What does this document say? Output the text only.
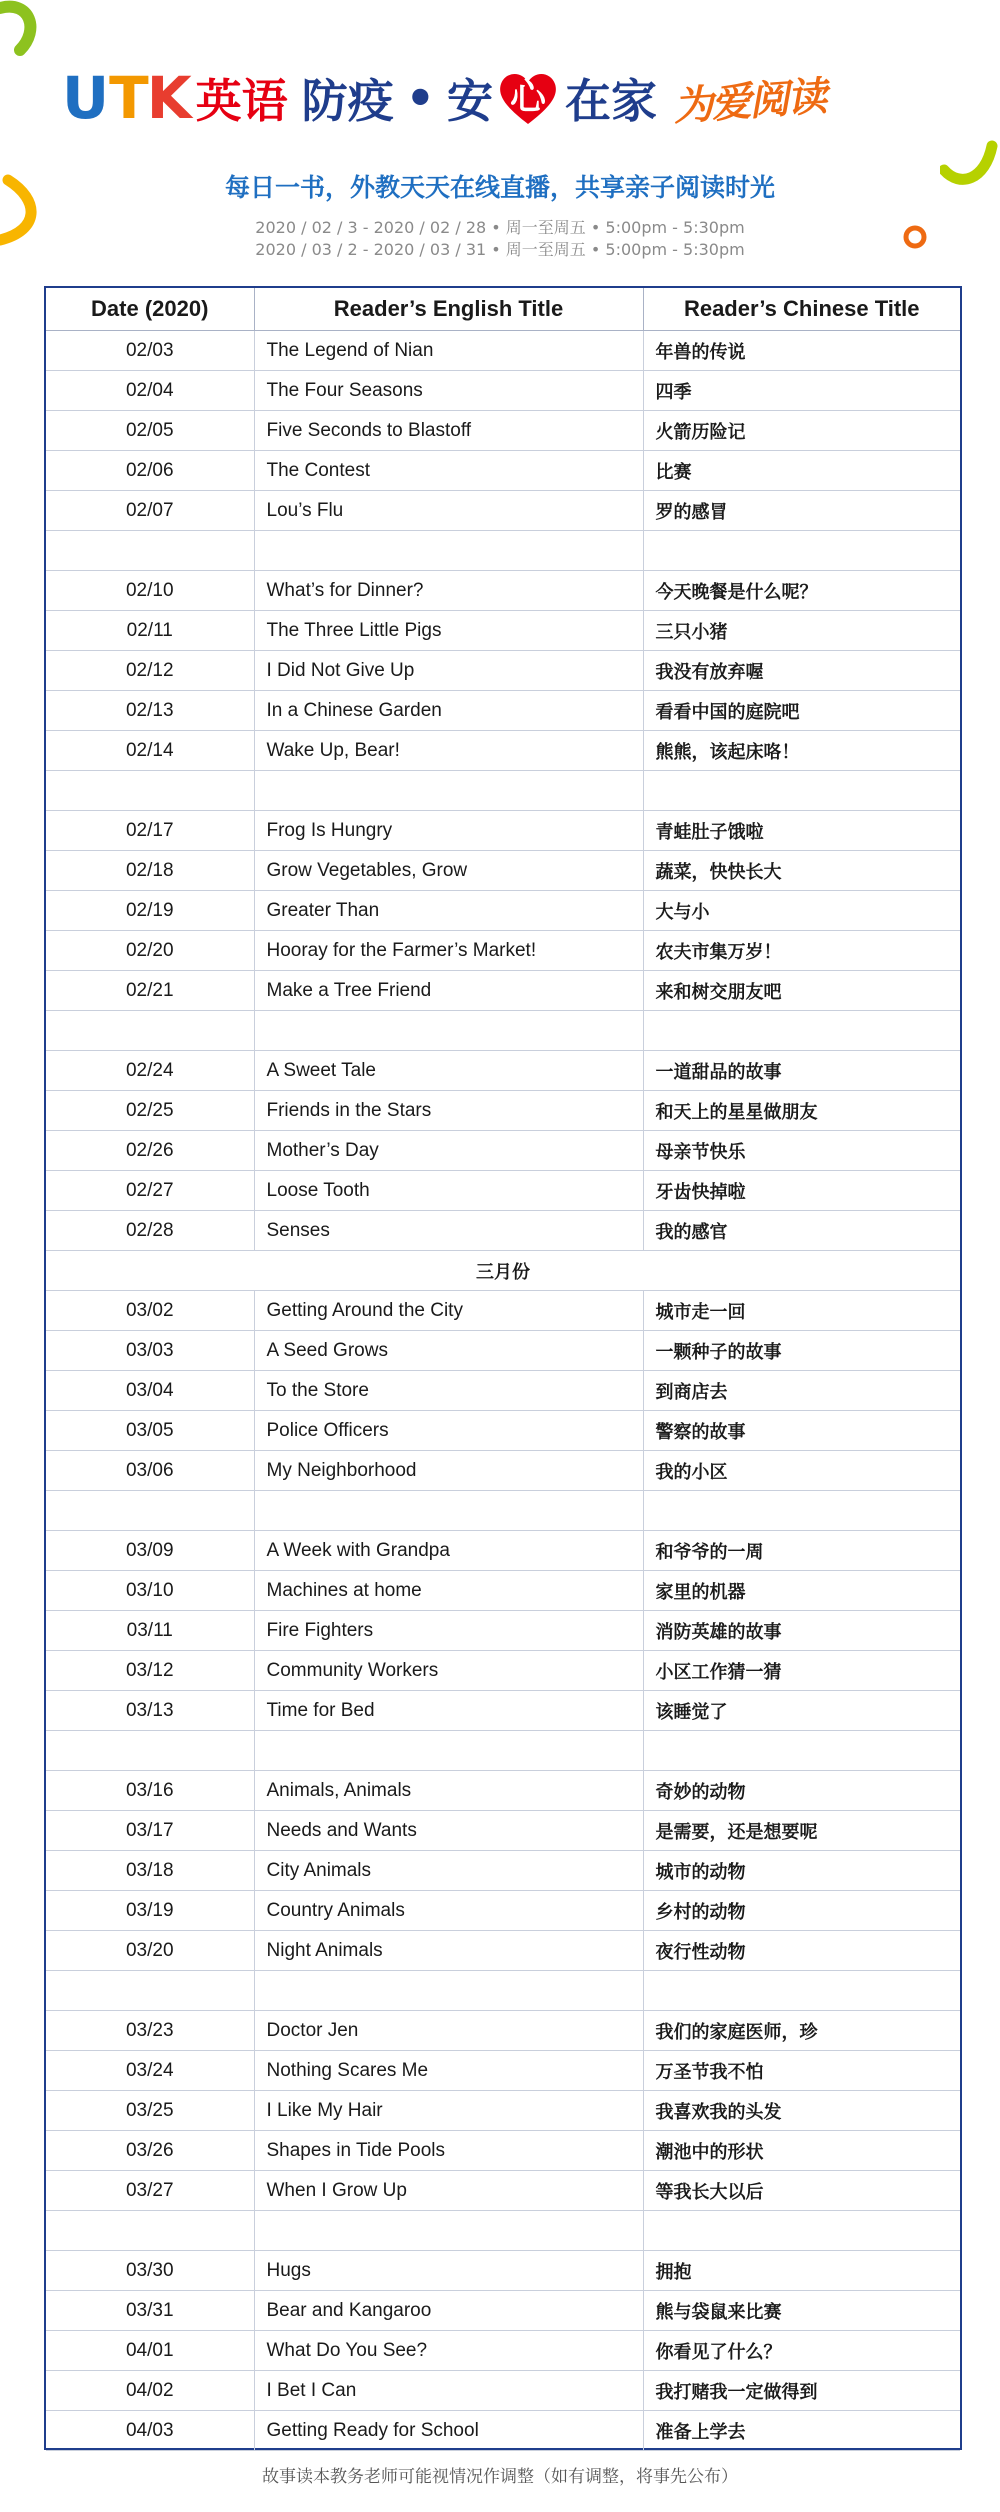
U TK 英语 防疫 • 安 心 在家 为爱阅读

每日一书，外教天天在线直播，共享亲子阅读时光

2020 / 02 / 3 - 2020 / 02 / 28 • 周一至周五 • 5:00pm - 5:30pm

2020 / 03 / 2 - 2020 / 03 / 31 • 周一至周五 • 5:00pm - 5:30pm

Date (2020)	Reader’s English Title	Reader’s Chinese Title
02/03	The Legend of Nian	年兽的传说
02/04	The Four Seasons	四季
02/05	Five Seconds to Blastoff	火箭历险记
02/06	The Contest	比赛
02/07	Lou’s Flu	罗的感冒

02/10	What’s for Dinner?	今天晚餐是什么呢？
02/11	The Three Little Pigs	三只小猪
02/12	I Did Not Give Up	我没有放弃喔
02/13	In a Chinese Garden	看看中国的庭院吧
02/14	Wake Up, Bear!	熊熊，该起床咯！

02/17	Frog Is Hungry	青蛙肚子饿啦
02/18	Grow Vegetables, Grow	蔬菜，快快长大
02/19	Greater Than	大与小
02/20	Hooray for the Farmer’s Market!	农夫市集万岁！
02/21	Make a Tree Friend	来和树交朋友吧

02/24	A Sweet Tale	一道甜品的故事
02/25	Friends in the Stars	和天上的星星做朋友
02/26	Mother’s Day	母亲节快乐
02/27	Loose Tooth	牙齿快掉啦
02/28	Senses	我的感官
三月份		
03/02	Getting Around the City	城市走一回
03/03	A Seed Grows	一颗种子的故事
03/04	To the Store	到商店去
03/05	Police Officers	警察的故事
03/06	My Neighborhood	我的小区

03/09	A Week with Grandpa	和爷爷的一周
03/10	Machines at home	家里的机器
03/11	Fire Fighters	消防英雄的故事
03/12	Community Workers	小区工作猜一猜
03/13	Time for Bed	该睡觉了

03/16	Animals, Animals	奇妙的动物
03/17	Needs and Wants	是需要，还是想要呢
03/18	City Animals	城市的动物
03/19	Country Animals	乡村的动物
03/20	Night Animals	夜行性动物

03/23	Doctor Jen	我们的家庭医师，珍
03/24	Nothing Scares Me	万圣节我不怕
03/25	I Like My Hair	我喜欢我的头发
03/26	Shapes in Tide Pools	潮池中的形状
03/27	When I Grow Up	等我长大以后

03/30	Hugs	拥抱
03/31	Bear and Kangaroo	熊与袋鼠来比赛
04/01	What Do You See?	你看见了什么？
04/02	I Bet I Can	我打赌我一定做得到
04/03	Getting Ready for School	准备上学去

故事读本教务老师可能视情况作调整（如有调整，将事先公布）
